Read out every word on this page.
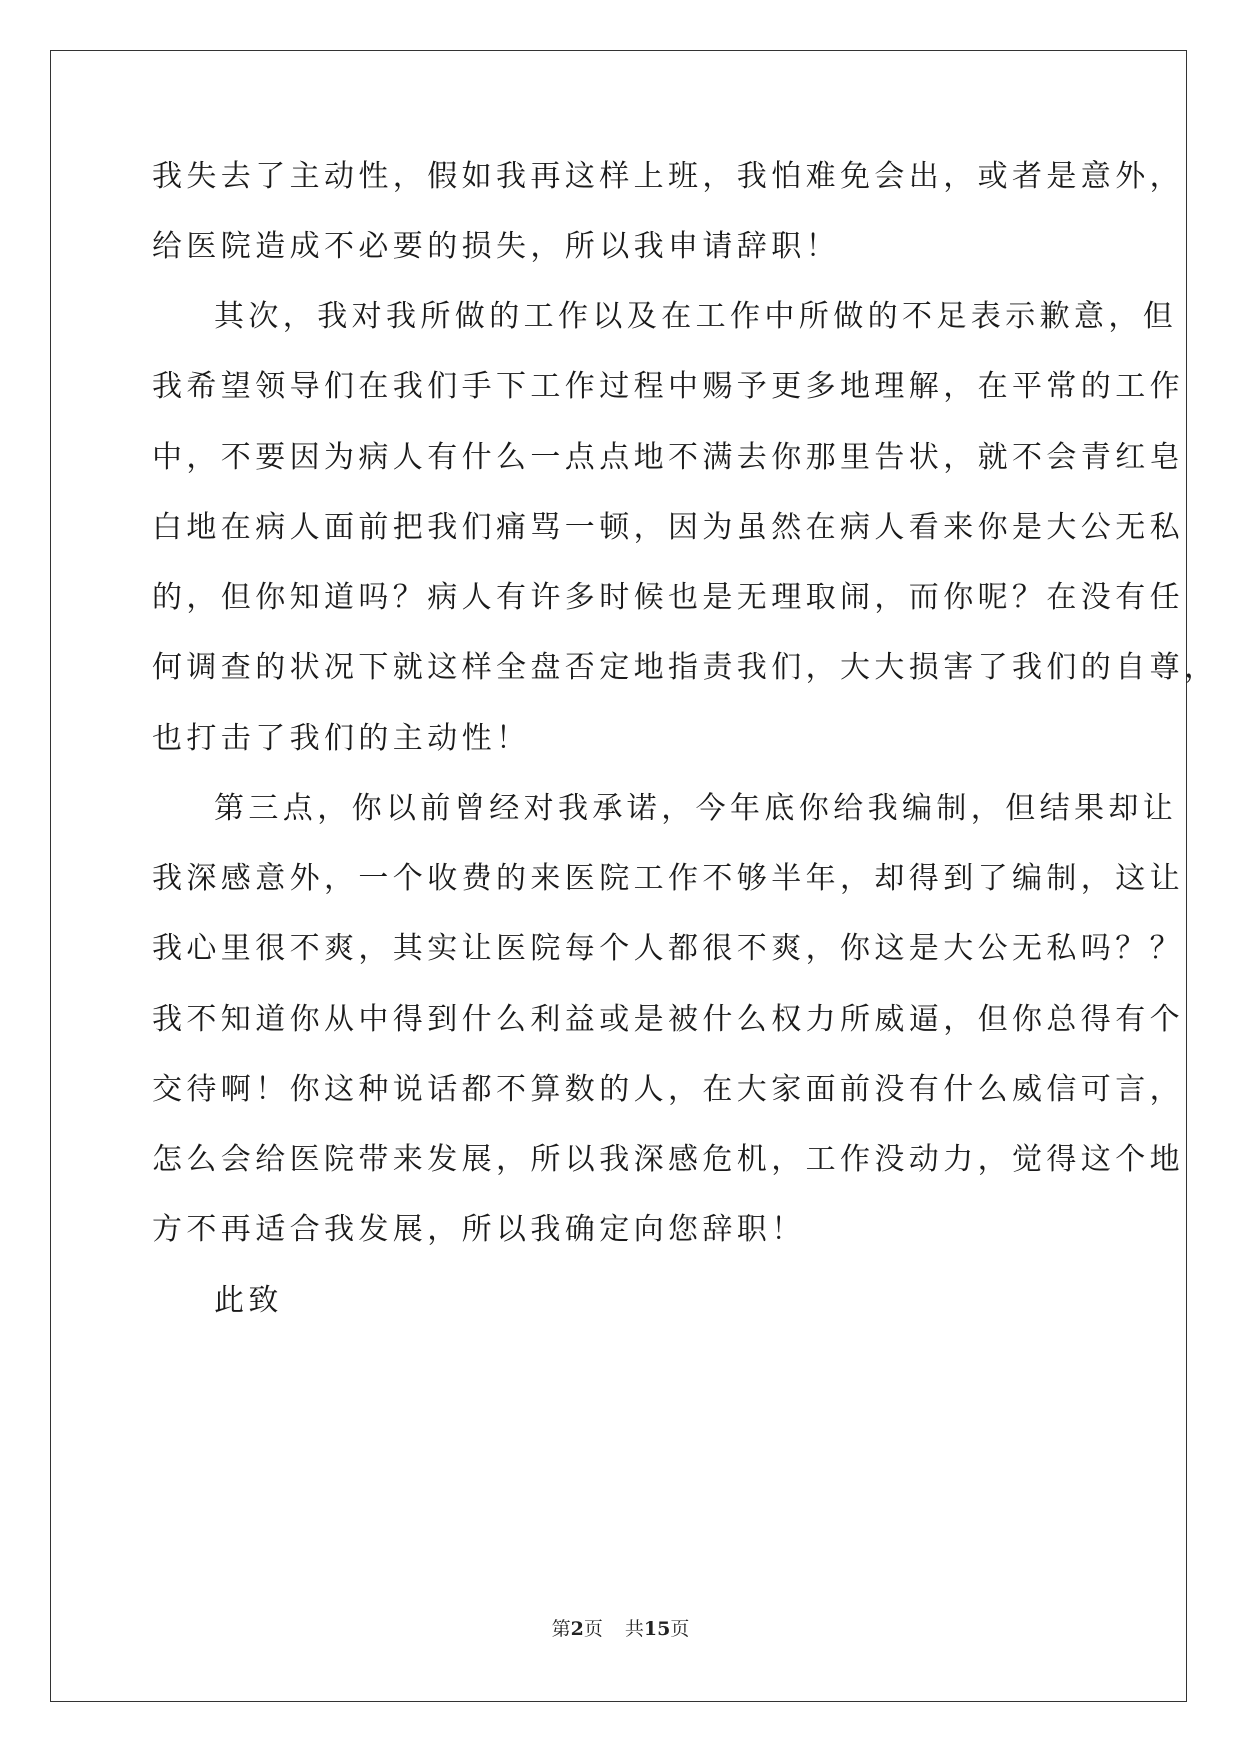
我失去了主动性，假如我再这样上班，我怕难免会出，或者是意外，
给医院造成不必要的损失，所以我申请辞职！
其次，我对我所做的工作以及在工作中所做的不足表示歉意，但
我希望领导们在我们手下工作过程中赐予更多地理解，在平常的工作
中，不要因为病人有什么一点点地不满去你那里告状，就不会青红皂
白地在病人面前把我们痛骂一顿，因为虽然在病人看来你是大公无私
的，但你知道吗？病人有许多时候也是无理取闹，而你呢？在没有任
何调查的状况下就这样全盘否定地指责我们，大大损害了我们的自尊，
也打击了我们的主动性！
第三点，你以前曾经对我承诺，今年底你给我编制，但结果却让
我深感意外，一个收费的来医院工作不够半年，却得到了编制，这让
我心里很不爽，其实让医院每个人都很不爽，你这是大公无私吗？？
我不知道你从中得到什么利益或是被什么权力所威逼，但你总得有个
交待啊！你这种说话都不算数的人，在大家面前没有什么威信可言，
怎么会给医院带来发展，所以我深感危机，工作没动力，觉得这个地
方不再适合我发展，所以我确定向您辞职！
此致
第2页 共15页
